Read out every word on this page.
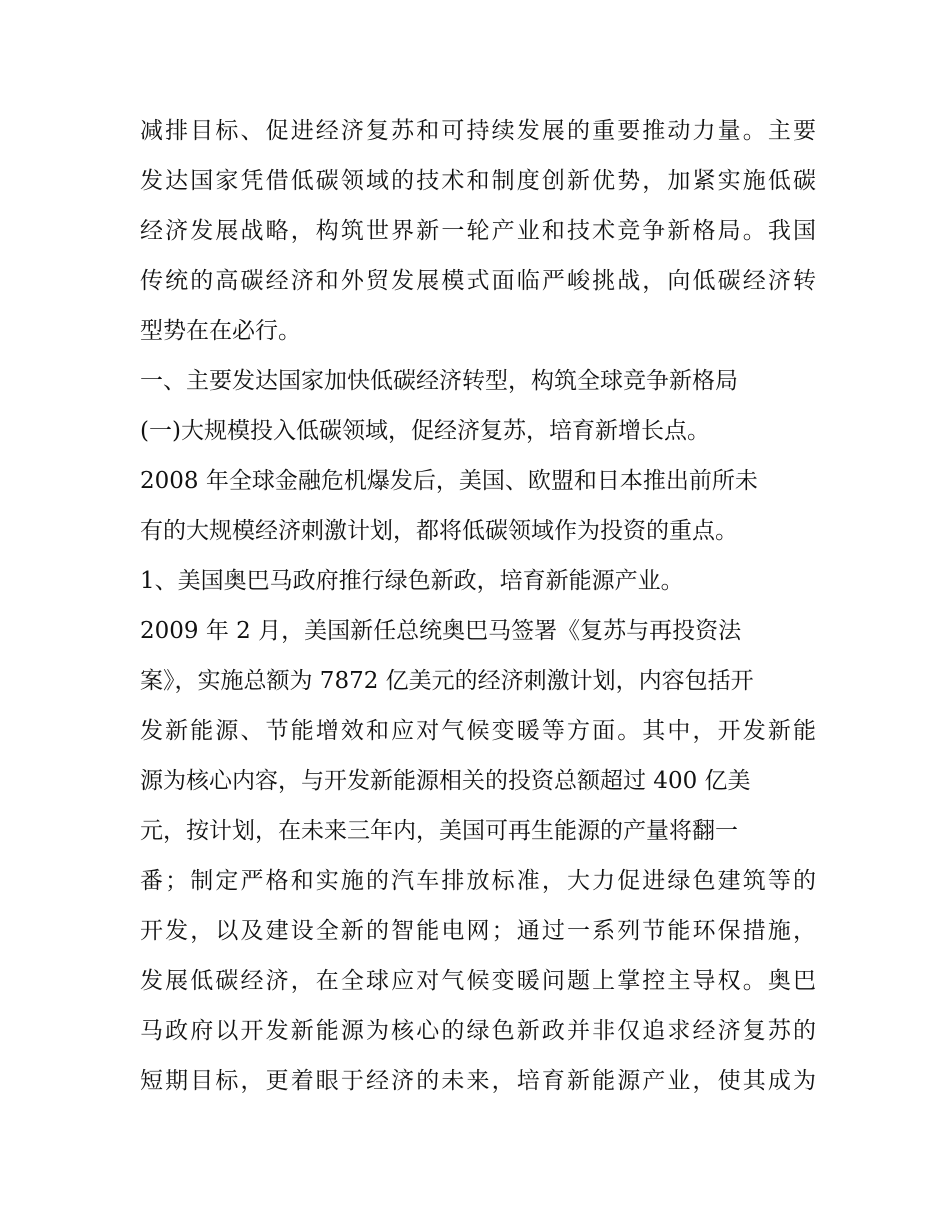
减排目标、促进经济复苏和可持续发展的重要推动力量。主要
发达国家凭借低碳领域的技术和制度创新优势，加紧实施低碳
经济发展战略，构筑世界新一轮产业和技术竞争新格局。我国
传统的高碳经济和外贸发展模式面临严峻挑战，向低碳经济转
型势在在必行。
一、主要发达国家加快低碳经济转型，构筑全球竞争新格局
(一)大规模投入低碳领域，促经济复苏，培育新增长点。
2008 年全球金融危机爆发后，美国、欧盟和日本推出前所未
有的大规模经济刺激计划，都将低碳领域作为投资的重点。
1、美国奥巴马政府推行绿色新政，培育新能源产业。
2009 年 2 月，美国新任总统奥巴马签署《复苏与再投资法
案》，实施总额为 7872 亿美元的经济刺激计划，内容包括开
发新能源、节能增效和应对气候变暖等方面。其中，开发新能
源为核心内容，与开发新能源相关的投资总额超过 400 亿美
元，按计划，在未来三年内，美国可再生能源的产量将翻一
番；制定严格和实施的汽车排放标准，大力促进绿色建筑等的
开发，以及建设全新的智能电网；通过一系列节能环保措施，
发展低碳经济，在全球应对气候变暖问题上掌控主导权。奥巴
马政府以开发新能源为核心的绿色新政并非仅追求经济复苏的
短期目标，更着眼于经济的未来，培育新能源产业，使其成为
